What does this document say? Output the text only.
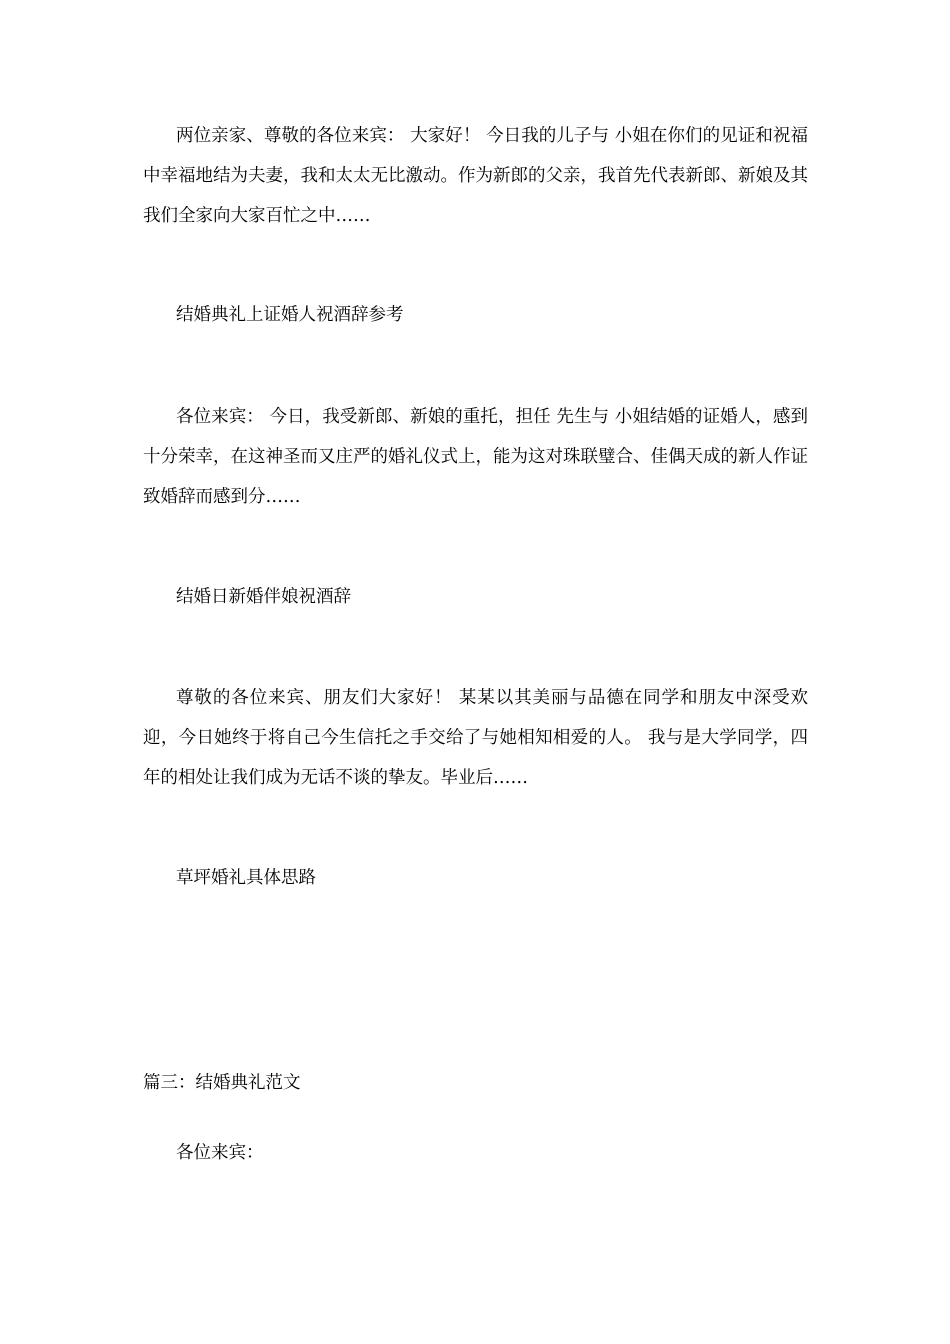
两位亲家、尊敬的各位来宾： 大家好！ 今日我的儿子与 小姐在你们的见证和祝福中幸福地结为夫妻，我和太太无比激动。作为新郎的父亲，我首先代表新郎、新娘及其我们全家向大家百忙之中……

结婚典礼上证婚人祝酒辞参考

各位来宾： 今日，我受新郎、新娘的重托，担任 先生与 小姐结婚的证婚人，感到十分荣幸，在这神圣而又庄严的婚礼仪式上，能为这对珠联璧合、佳偶天成的新人作证致婚辞而感到分……

结婚日新婚伴娘祝酒辞

尊敬的各位来宾、朋友们大家好！ 某某以其美丽与品德在同学和朋友中深受欢迎，今日她终于将自己今生信托之手交给了与她相知相爱的人。 我与是大学同学，四年的相处让我们成为无话不谈的挚友。毕业后……

草坪婚礼具体思路

篇三：结婚典礼范文

各位来宾：
